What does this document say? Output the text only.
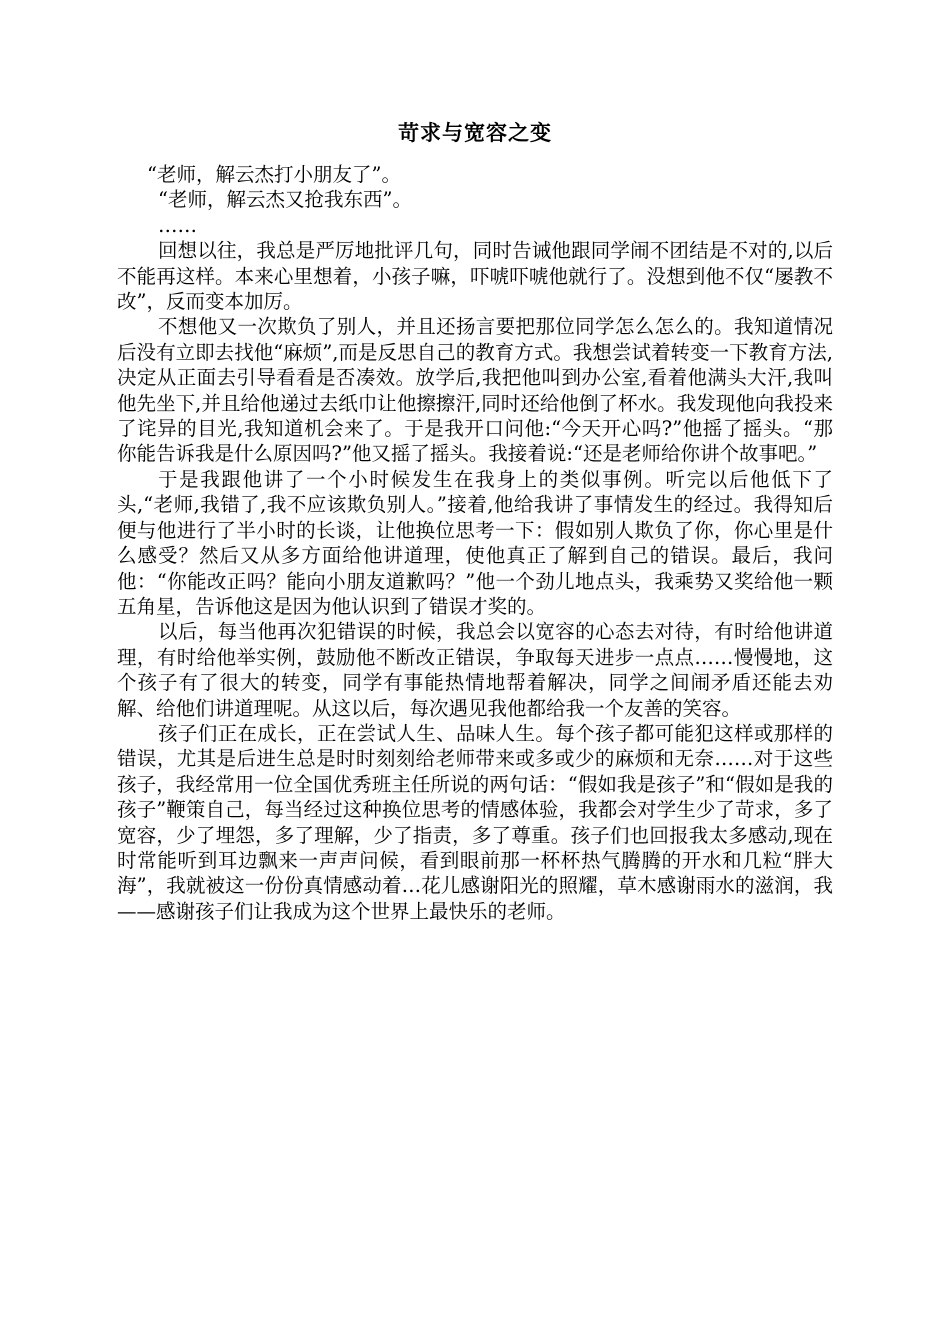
苛求与宽容之变

“老师，解云杰打小朋友了”。

“老师，解云杰又抢我东西”。

……

回想以往，我总是严厉地批评几句，同时告诫他跟同学闹不团结是不对的,以后不能再这样。本来心里想着，小孩子嘛，吓唬吓唬他就行了。没想到他不仅“屡教不改”，反而变本加厉。

不想他又一次欺负了别人，并且还扬言要把那位同学怎么怎么的。我知道情况后没有立即去找他“麻烦”,而是反思自己的教育方式。我想尝试着转变一下教育方法,决定从正面去引导看看是否凑效。放学后,我把他叫到办公室,看着他满头大汗,我叫他先坐下,并且给他递过去纸巾让他擦擦汗,同时还给他倒了杯水。我发现他向我投来了诧异的目光,我知道机会来了。于是我开口问他:“今天开心吗?”他摇了摇头。“那你能告诉我是什么原因吗?”他又摇了摇头。我接着说:“还是老师给你讲个故事吧。”

于是我跟他讲了一个小时候发生在我身上的类似事例。听完以后他低下了头,“老师,我错了,我不应该欺负别人。”接着,他给我讲了事情发生的经过。我得知后便与他进行了半小时的长谈，让他换位思考一下：假如别人欺负了你，你心里是什么感受？然后又从多方面给他讲道理，使他真正了解到自己的错误。最后，我问他：“你能改正吗？能向小朋友道歉吗？”他一个劲儿地点头，我乘势又奖给他一颗五角星，告诉他这是因为他认识到了错误才奖的。

以后，每当他再次犯错误的时候，我总会以宽容的心态去对待，有时给他讲道理，有时给他举实例，鼓励他不断改正错误，争取每天进步一点点……慢慢地，这个孩子有了很大的转变，同学有事能热情地帮着解决，同学之间闹矛盾还能去劝解、给他们讲道理呢。从这以后，每次遇见我他都给我一个友善的笑容。

孩子们正在成长，正在尝试人生、品味人生。每个孩子都可能犯这样或那样的错误，尤其是后进生总是时时刻刻给老师带来或多或少的麻烦和无奈……对于这些孩子，我经常用一位全国优秀班主任所说的两句话：“假如我是孩子”和“假如是我的孩子”鞭策自己，每当经过这种换位思考的情感体验，我都会对学生少了苛求，多了宽容，少了埋怨，多了理解，少了指责，多了尊重。孩子们也回报我太多感动,现在时常能听到耳边飘来一声声问候，看到眼前那一杯杯热气腾腾的开水和几粒“胖大海”，我就被这一份份真情感动着…花儿感谢阳光的照耀，草木感谢雨水的滋润，我——感谢孩子们让我成为这个世界上最快乐的老师。
